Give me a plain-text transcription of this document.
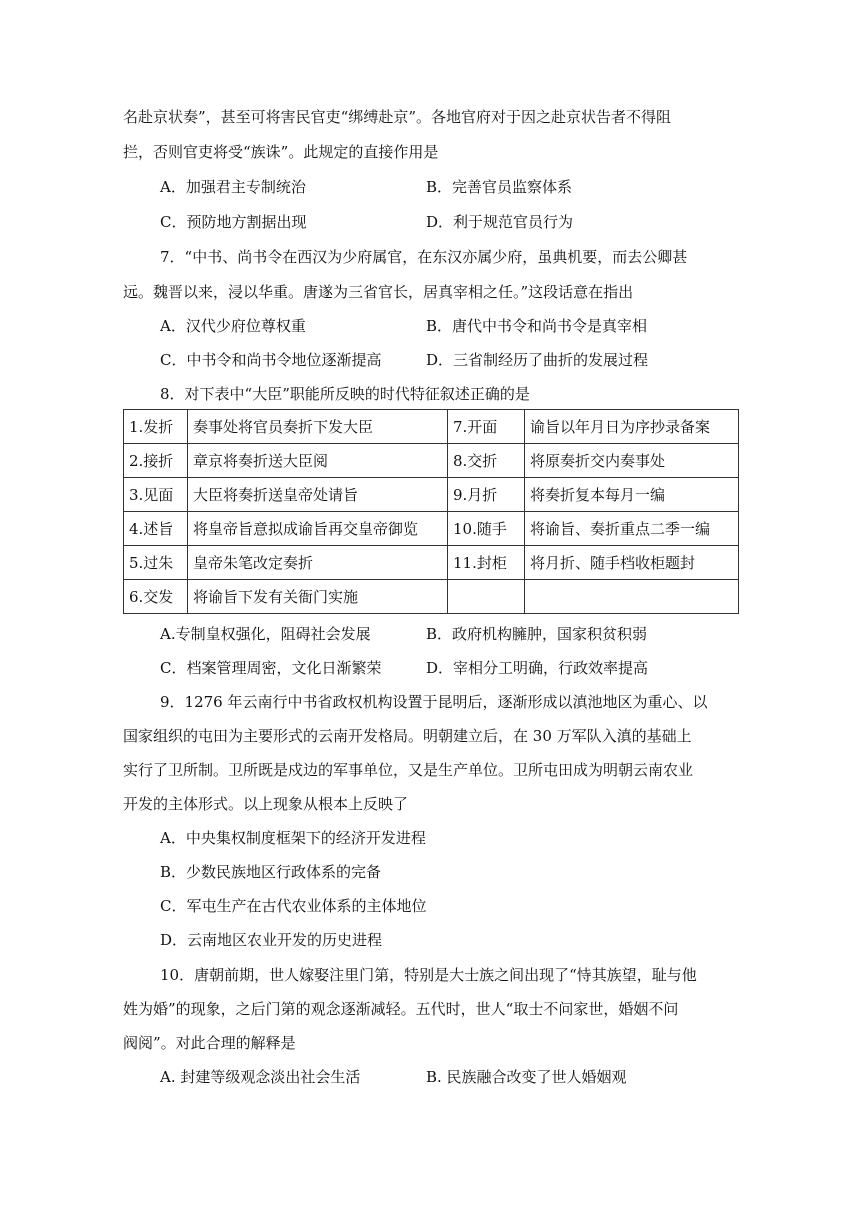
名赴京状奏”，甚至可将害民官吏“绑缚赴京”。各地官府对于因之赴京状告者不得阻
拦，否则官吏将受“族诛”。此规定的直接作用是
A．加强君主专制统治	B．完善官员监察体系
C．预防地方割据出现	D．利于规范官员行为
7．“中书、尚书令在西汉为少府属官，在东汉亦属少府，虽典机要，而去公卿甚
远。魏晋以来，浸以华重。唐遂为三省官长，居真宰相之任。”这段话意在指出
A．汉代少府位尊权重	B．唐代中书令和尚书令是真宰相
C．中书令和尚书令地位逐渐提高	D．三省制经历了曲折的发展过程
8．对下表中“大臣”职能所反映的时代特征叙述正确的是
1.发折	奏事处将官员奏折下发大臣	7.开面	谕旨以年月日为序抄录备案
2.接折	章京将奏折送大臣阅	8.交折	将原奏折交内奏事处
3.见面	大臣将奏折送皇帝处请旨	9.月折	将奏折复本每月一编
4.述旨	将皇帝旨意拟成谕旨再交皇帝御览	10.随手	将谕旨、奏折重点二季一编
5.过朱	皇帝朱笔改定奏折	11.封柜	将月折、随手档收柜题封
6.交发	将谕旨下发有关衙门实施		
A.专制皇权强化，阻碍社会发展	B．政府机构臃肿，国家积贫积弱
C．档案管理周密，文化日渐繁荣	D．宰相分工明确，行政效率提高
9．1276 年云南行中书省政权机构设置于昆明后，逐渐形成以滇池地区为重心、以
国家组织的屯田为主要形式的云南开发格局。明朝建立后，在 30 万军队入滇的基础上
实行了卫所制。卫所既是戍边的军事单位，又是生产单位。卫所屯田成为明朝云南农业
开发的主体形式。以上现象从根本上反映了
A．中央集权制度框架下的经济开发进程
B．少数民族地区行政体系的完备
C．军屯生产在古代农业体系的主体地位
D．云南地区农业开发的历史进程
10．唐朝前期，世人嫁娶注里门第，特别是大士族之间出现了“恃其族望，耻与他
姓为婚”的现象，之后门第的观念逐渐减轻。五代时，世人“取士不问家世，婚姻不问
阀阅”。对此合理的解释是
A. 封建等级观念淡出社会生活	B. 民族融合改变了世人婚姻观
